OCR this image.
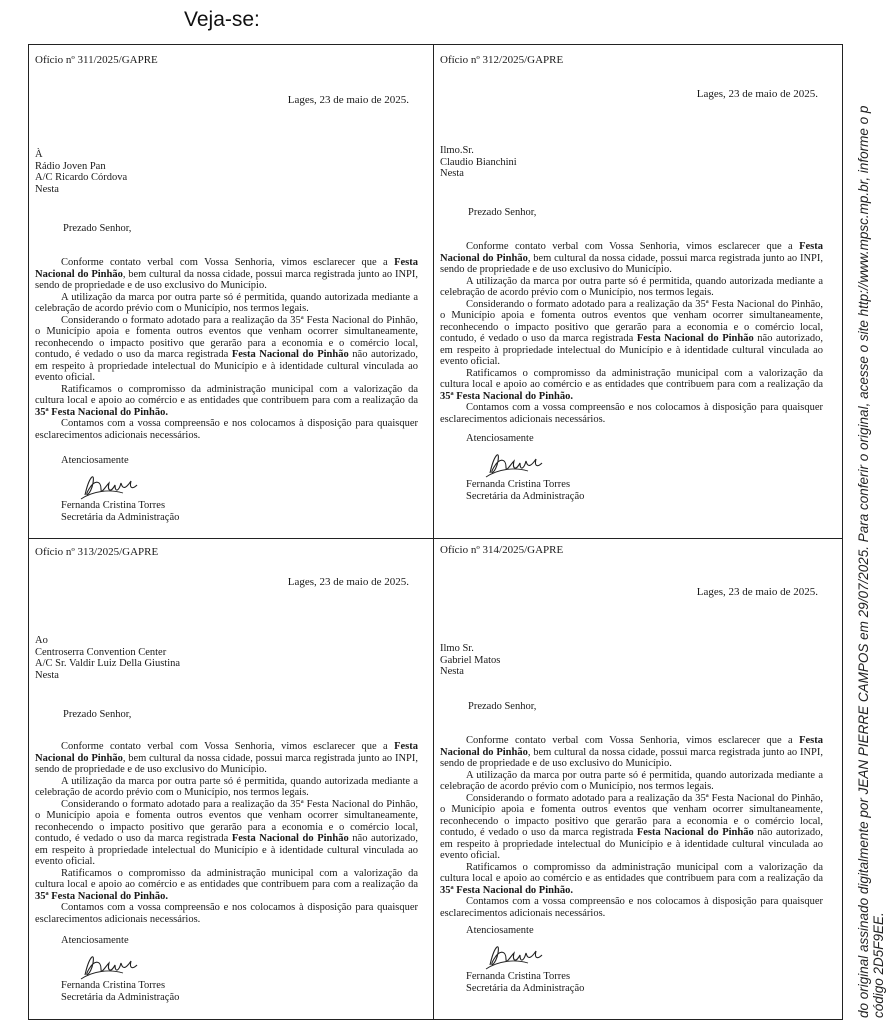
Veja-se:
Ofício nº 311/2025/GAPRE
Lages, 23 de maio de 2025.
À
Rádio Joven Pan
A/C Ricardo Córdova
Nesta
Prezado Senhor,

Conforme contato verbal com Vossa Senhoria, vimos esclarecer que a Festa Nacional do Pinhão, bem cultural da nossa cidade, possui marca registrada junto ao INPI, sendo de propriedade e de uso exclusivo do Município.

A utilização da marca por outra parte só é permitida, quando autorizada mediante a celebração de acordo prévio com o Município, nos termos legais.

Considerando o formato adotado para a realização da 35ª Festa Nacional do Pinhão, o Município apoia e fomenta outros eventos que venham ocorrer simultaneamente, reconhecendo o impacto positivo que gerarão para a economia e o comércio local, contudo, é vedado o uso da marca registrada Festa Nacional do Pinhão não autorizado, em respeito à propriedade intelectual do Município e à identidade cultural vinculada ao evento oficial.

Ratificamos o compromisso da administração municipal com a valorização da cultura local e apoio ao comércio e as entidades que contribuem para com a realização da 35ª Festa Nacional do Pinhão.

Contamos com a vossa compreensão e nos colocamos à disposição para quaisquer esclarecimentos adicionais necessários.

Atenciosamente
Fernanda Cristina Torres
Secretária da Administração
Ofício nº 312/2025/GAPRE
Lages, 23 de maio de 2025.
Ilmo.Sr.
Claudio Bianchini
Nesta
Prezado Senhor,

Conforme contato verbal com Vossa Senhoria, vimos esclarecer que a Festa Nacional do Pinhão, bem cultural da nossa cidade, possui marca registrada junto ao INPI, sendo de propriedade e de uso exclusivo do Município.

A utilização da marca por outra parte só é permitida, quando autorizada mediante a celebração de acordo prévio com o Município, nos termos legais.

Considerando o formato adotado para a realização da 35ª Festa Nacional do Pinhão, o Município apoia e fomenta outros eventos que venham ocorrer simultaneamente, reconhecendo o impacto positivo que gerarão para a economia e o comércio local, contudo, é vedado o uso da marca registrada Festa Nacional do Pinhão não autorizado, em respeito à propriedade intelectual do Município e à identidade cultural vinculada ao evento oficial.

Ratificamos o compromisso da administração municipal com a valorização da cultura local e apoio ao comércio e as entidades que contribuem para com a realização da 35ª Festa Nacional do Pinhão.

Contamos com a vossa compreensão e nos colocamos à disposição para quaisquer esclarecimentos adicionais necessários.

Atenciosamente
Fernanda Cristina Torres
Secretária da Administração
Ofício nº 313/2025/GAPRE
Lages, 23 de maio de 2025.
Ao
Centroserra Convention Center
A/C Sr. Valdir Luiz Della Giustina
Nesta
Prezado Senhor,

Conforme contato verbal com Vossa Senhoria, vimos esclarecer que a Festa Nacional do Pinhão, bem cultural da nossa cidade, possui marca registrada junto ao INPI, sendo de propriedade e de uso exclusivo do Município.

A utilização da marca por outra parte só é permitida, quando autorizada mediante a celebração de acordo prévio com o Município, nos termos legais.

Considerando o formato adotado para a realização da 35ª Festa Nacional do Pinhão, o Município apoia e fomenta outros eventos que venham ocorrer simultaneamente, reconhecendo o impacto positivo que gerarão para a economia e o comércio local, contudo, é vedado o uso da marca registrada Festa Nacional do Pinhão não autorizado, em respeito à propriedade intelectual do Município e à identidade cultural vinculada ao evento oficial.

Ratificamos o compromisso da administração municipal com a valorização da cultura local e apoio ao comércio e as entidades que contribuem para com a realização da 35ª Festa Nacional do Pinhão.

Contamos com a vossa compreensão e nos colocamos à disposição para quaisquer esclarecimentos adicionais necessários.

Atenciosamente
Fernanda Cristina Torres
Secretária da Administração
Ofício nº 314/2025/GAPRE
Lages, 23 de maio de 2025.
Ilmo Sr.
Gabriel Matos
Nesta
Prezado Senhor,

Conforme contato verbal com Vossa Senhoria, vimos esclarecer que a Festa Nacional do Pinhão, bem cultural da nossa cidade, possui marca registrada junto ao INPI, sendo de propriedade e de uso exclusivo do Município.

A utilização da marca por outra parte só é permitida, quando autorizada mediante a celebração de acordo prévio com o Município, nos termos legais.

Considerando o formato adotado para a realização da 35ª Festa Nacional do Pinhão, o Município apoia e fomenta outros eventos que venham ocorrer simultaneamente, reconhecendo o impacto positivo que gerarão para a economia e o comércio local, contudo, é vedado o uso da marca registrada Festa Nacional do Pinhão não autorizado, em respeito à propriedade intelectual do Município e à identidade cultural vinculada ao evento oficial.

Ratificamos o compromisso da administração municipal com a valorização da cultura local e apoio ao comércio e as entidades que contribuem para com a realização da 35ª Festa Nacional do Pinhão.

Contamos com a vossa compreensão e nos colocamos à disposição para quaisquer esclarecimentos adicionais necessários.

Atenciosamente
Fernanda Cristina Torres
Secretária da Administração	do original assinado digitalmente por JEAN PIERRE CAMPOS em 29/07/2025. Para conferir o original, acesse o site http://www.mpsc.mp.br, informe o p
código 2D5F9EE.
